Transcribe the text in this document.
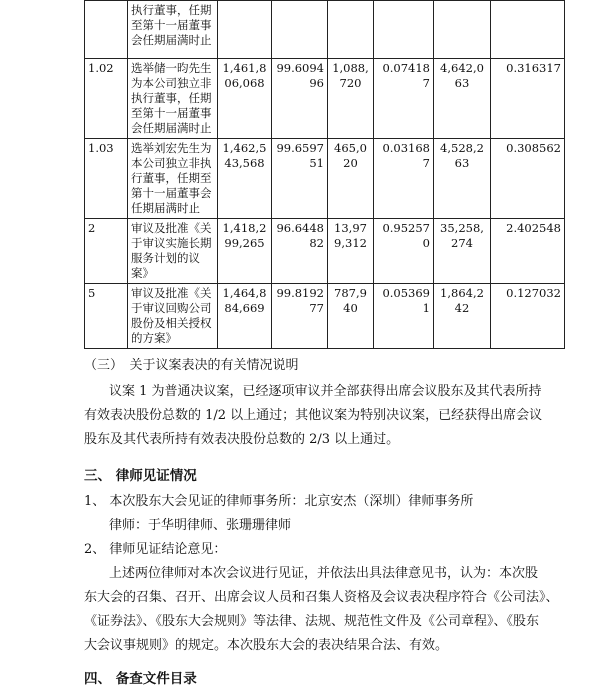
	执行董事，任期至第十一届董事会任期届满时止						
1.02	选举储一昀先生为本公司独立非执行董事，任期至第十一届董事会任期届满时止	1,461,806,068	99.609496	1,088,720	0.074187	4,642,063	0.316317
1.03	选举刘宏先生为本公司独立非执行董事，任期至第十一届董事会任期届满时止	1,462,543,568	99.659751	465,020	0.031687	4,528,263	0.308562
2	审议及批准《关于审议实施长期服务计划的议案》	1,418,299,265	96.644882	13,979,312	0.952570	35,258,274	2.402548
5	审议及批准《关于审议回购公司股份及相关授权的方案》	1,464,884,669	99.819277	787,940	0.053691	1,864,242	0.127032

（三）　关于议案表决的有关情况说明

议案 1 为普通决议案，已经逐项审议并全部获得出席会议股东及其代表所持

有效表决股份总数的 1/2 以上通过；其他议案为特别决议案，已经获得出席会议

股东及其代表所持有效表决股份总数的 2/3 以上通过。

三、 律师见证情况

1、 本次股东大会见证的律师事务所：北京安杰（深圳）律师事务所

律师：于华明律师、张珊珊律师

2、 律师见证结论意见：

上述两位律师对本次会议进行见证，并依法出具法律意见书，认为：本次股

东大会的召集、召开、出席会议人员和召集人资格及会议表决程序符合《公司法》、

《证券法》、《股东大会规则》等法律、法规、规范性文件及《公司章程》、《股东

大会议事规则》的规定。本次股东大会的表决结果合法、有效。

四、 备查文件目录
